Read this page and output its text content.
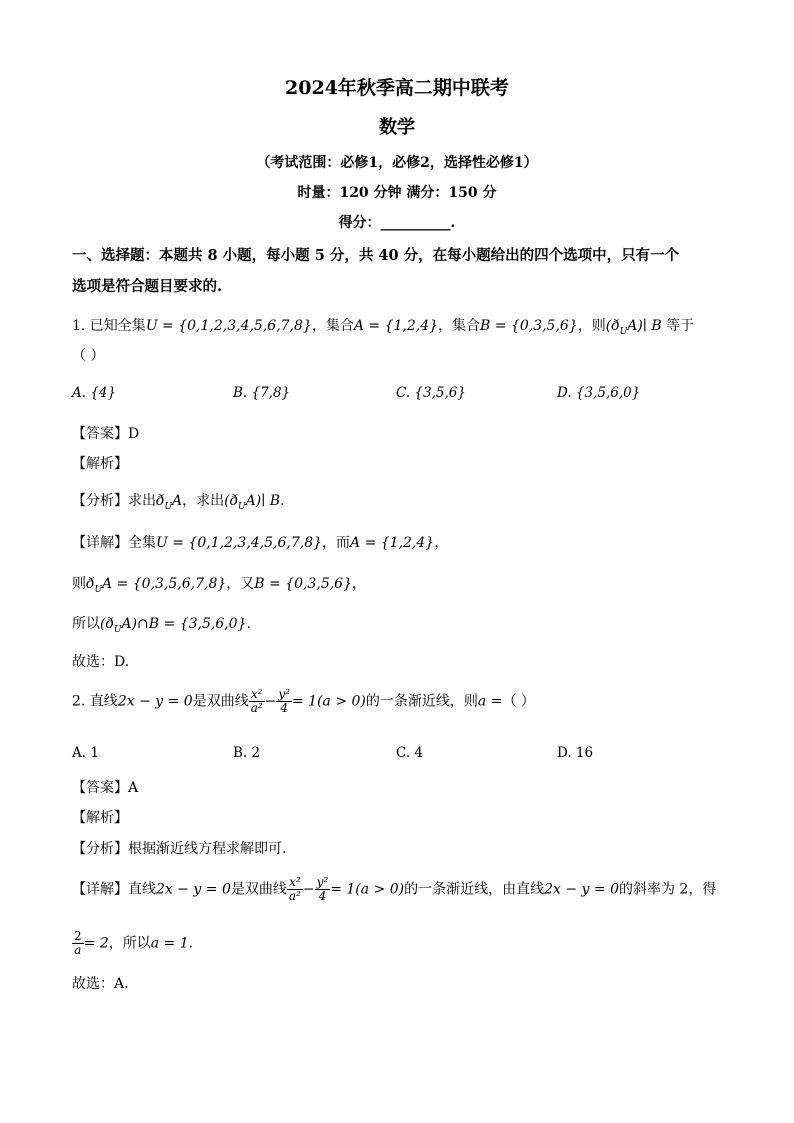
2024年秋季高二期中联考
数学
（考试范围：必修1，必修2，选择性必修1）
时量：120 分钟 满分：150 分
得分：__________.
一、选择题：本题共 8 小题，每小题 5 分，共 40 分，在每小题给出的四个选项中，只有一个
选项是符合题目要求的.
1. 已知全集U = {0,1,2,3,4,5,6,7,8}，集合A = {1,2,4}，集合B = {0,3,5,6}，则$(ð_UA)∣$ B 等于
（ ）
A. {4}	B. {7,8}	C. {3,5,6}	D. {3,5,6,0}
【答案】D
【解析】
【分析】求出$ð_UA$，求出$(ð_UA)∣$ B.
【详解】全集U = {0,1,2,3,4,5,6,7,8}，而A = {1,2,4}，
则$ð_UA = \{0,3,5,6,7,8\}$，又B = {0,3,5,6}，
所以$(ð_UA)\cap B = \{3,5,6,0\}$.
故选：D.
2. 直线2x − y = 0是双曲线 $\frac{\text{x²}}{\text{a²}} - \frac{\text{y²}}{4} = 1(a > 0)$的一条渐近线，则a =（ ）
A. 1	B. 2	C. 4	D. 16
【答案】A
【解析】
【分析】根据渐近线方程求解即可.
【详解】直线2x − y = 0是双曲线 $\frac{\text{x²}}{\text{a²}} - \frac{\text{y²}}{4} = 1(a > 0)$的一条渐近线，由直线2x − y = 0的斜率为 2，得
$\frac{2}{a} = 2$，所以a = 1.
故选：A.
